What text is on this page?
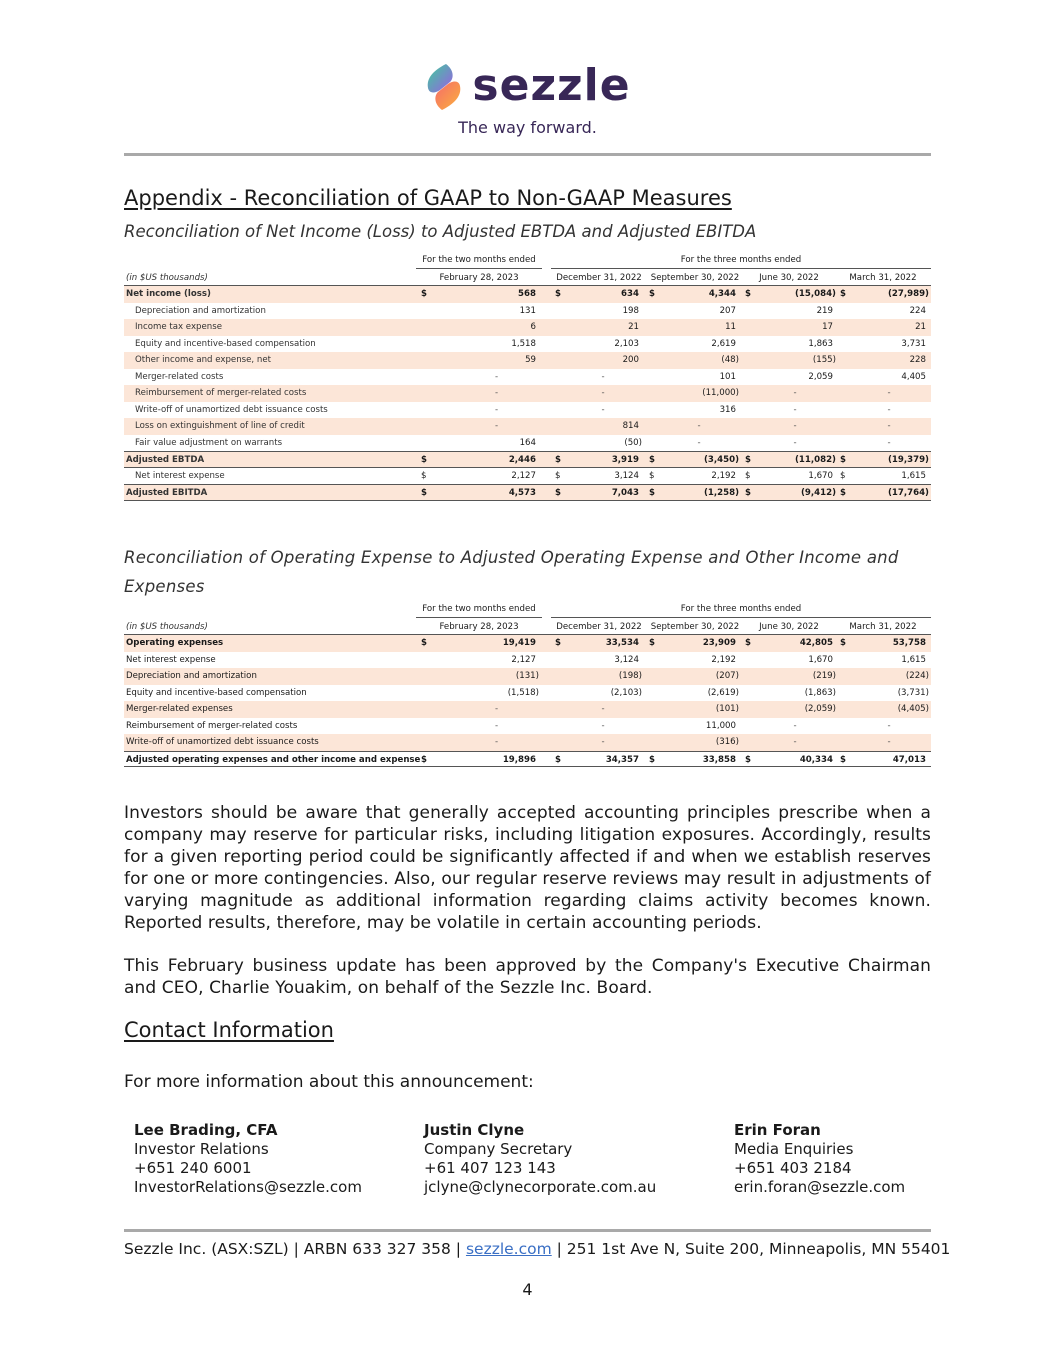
sezzle
The way forward.
Appendix - Reconciliation of GAAP to Non-GAAP Measures
Reconciliation of Net Income (Loss) to Adjusted EBTDA and Adjusted EBITDA
For the two months ended	For the three months ended
(in $US thousands)	February 28, 2023	December 31, 2022	September 30, 2022	June 30, 2022	March 31, 2022
Net income (loss)	$	568	$	634	$	4,344	$	(15,084) $	(27,989)
Depreciation and amortization	131	198	207	219	224
Income tax expense	6	21	11	17	21
Equity and incentive-based compensation	1,518	2,103	2,619	1,863	3,731
Other income and expense, net	59	200	(48)	(155)	228
Merger-related costs	-	-	101	2,059	4,405
Reimbursement of merger-related costs	-	-	(11,000)	-	-
Write-off of unamortized debt issuance costs	-	-	316	-	-
Loss on extinguishment of line of credit	-	814	-	-	-
Fair value adjustment on warrants	164	(50)	-	-	-
Adjusted EBTDA	$	2,446	$	3,919	$	(3,450) $	(11,082) $	(19,379)
Net interest expense	$	2,127	$	3,124	$	2,192	$	1,670 $	1,615
Adjusted EBITDA	$	4,573	$	7,043	$	(1,258) $	(9,412) $	(17,764)
Reconciliation of Operating Expense to Adjusted Operating Expense and Other Income and Expenses
For the two months ended	For the three months ended
(in $US thousands)	February 28, 2023	December 31, 2022	September 30, 2022	June 30, 2022	March 31, 2022
Operating expenses	$	19,419	$	33,534	$	23,909	$	42,805 $	53,758
Net interest expense	2,127	3,124	2,192	1,670	1,615
Depreciation and amortization	(131)	(198)	(207)	(219)	(224)
Equity and incentive-based compensation	(1,518)	(2,103)	(2,619)	(1,863)	(3,731)
Merger-related expenses	-	-	(101)	(2,059)	(4,405)
Reimbursement of merger-related costs	-	-	11,000	-	-
Write-off of unamortized debt issuance costs	-	-	(316)	-	-
Adjusted operating expenses and other income and expense $	19,896	$	34,357	$	33,858	$	40,334 $	47,013

Investors should be aware that generally accepted accounting principles prescribe when a company may reserve for particular risks, including litigation exposures. Accordingly, results for a given reporting period could be significantly affected if and when we establish reserves for one or more contingencies. Also, our regular reserve reviews may result in adjustments of varying magnitude as additional information regarding claims activity becomes known. Reported results, therefore, may be volatile in certain accounting periods.

This February business update has been approved by the Company's Executive Chairman and CEO, Charlie Youakim, on behalf of the Sezzle Inc. Board.

Contact Information
For more information about this announcement:
Lee Brading, CFA
Investor Relations
+651 240 6001
InvestorRelations@sezzle.com
Justin Clyne
Company Secretary
+61 407 123 143
jclyne@clynecorporate.com.au
Erin Foran
Media Enquiries
+651 403 2184
erin.foran@sezzle.com
Sezzle Inc. (ASX:SZL) | ARBN 633 327 358 | sezzle.com | 251 1st Ave N, Suite 200, Minneapolis, MN 55401
4
